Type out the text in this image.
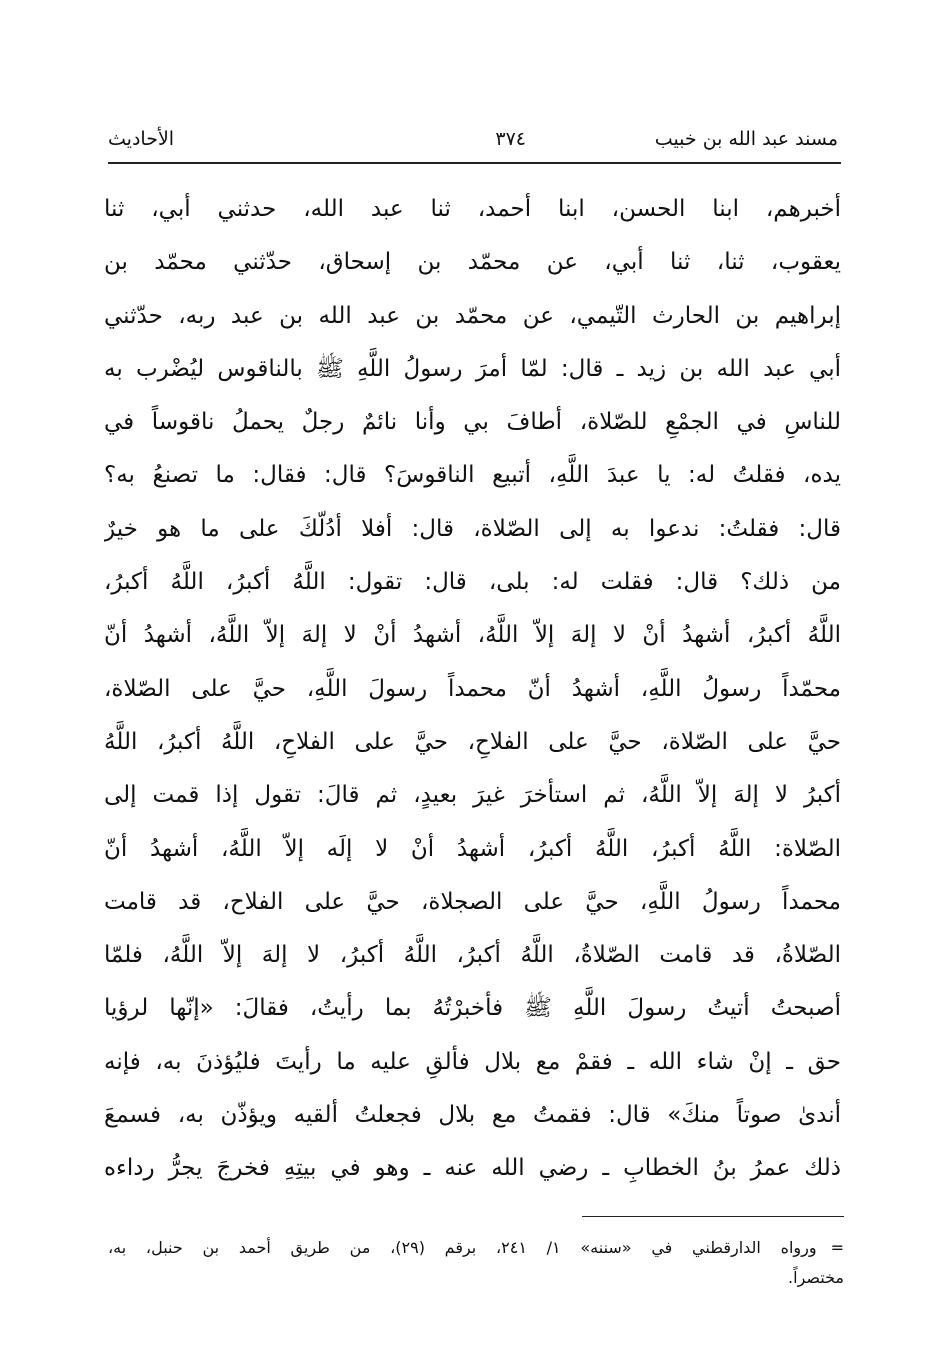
مسند عبد الله بن خبيب
٣٧٤
الأحاديث
أخبرهم، ابنا الحسن، ابنا أحمد، ثنا عبد الله، حدثني أبي، ثنا
يعقوب، ثنا، ثنا أبي، عن محمّد بن إسحاق، حدّثني محمّد بن
إبراهيم بن الحارث التّيمي، عن محمّد بن عبد الله بن عبد ربه، حدّثني
أبي عبد الله بن زيد ـ قال: لمّا أمرَ رسولُ اللَّهِ ﷺ بالناقوس ليُضْرب به
للناسِ في الجمْعِ للصّلاة، أطافَ بي وأنا نائمٌ رجلٌ يحملُ ناقوساً في
يده، فقلتُ له: يا عبدَ اللَّهِ، أتبيع الناقوسَ؟ قال: فقال: ما تصنعُ به؟
قال: فقلتُ: ندعوا به إلى الصّلاة، قال: أفلا أدُلّكَ على ما هو خيرٌ
من ذلك؟ قال: فقلت له: بلى، قال: تقول: اللَّهُ أكبرُ، اللَّهُ أكبرُ،
اللَّهُ أكبرُ، أشهدُ أنْ لا إلهَ إلاّ اللَّهُ، أشهدُ أنْ لا إلهَ إلاّ اللَّهُ، أشهدُ أنّ
محمّداً رسولُ اللَّهِ، أشهدُ أنّ محمداً رسولَ اللَّهِ، حيَّ على الصّلاة،
حيَّ على الصّلاة، حيَّ على الفلاحِ، حيَّ على الفلاحِ، اللَّهُ أكبرُ، اللَّهُ
أكبرُ لا إلهَ إلاّ اللَّهُ، ثم استأخرَ غيرَ بعيدٍ، ثم قالَ: تقول إذا قمت إلى
الصّلاة: اللَّهُ أكبرُ، اللَّهُ أكبرُ، أشهدُ أنْ لا إلَه إلاّ اللَّهُ، أشهدُ أنّ
محمداً رسولُ اللَّهِ، حيَّ على الصجلاة، حيَّ على الفلاح، قد قامت
الصّلاةُ، قد قامت الصّلاةُ، اللَّهُ أكبرُ، اللَّهُ أكبرُ، لا إلهَ إلاّ اللَّهُ، فلمّا
أصبحتُ أتيتُ رسولَ اللَّهِ ﷺ فأخبرْتُهُ بما رأيتُ، فقالَ: «إنّها لرؤيا
حق ـ إنْ شاء الله ـ فقمْ مع بلال فألقِ عليه ما رأيتَ فليُؤذنَ به، فإنه
أندىٰ صوتاً منكَ» قال: فقمتُ مع بلال فجعلتُ ألقيه ويؤذّن به، فسمعَ
ذلك عمرُ بنُ الخطابِ ـ رضي الله عنه ـ وهو في بيتِهِ فخرجَ يجرُّ رداءه
=ورواه الدارقطني في «سننه» ١/ ٢٤١، برقم (٢٩)، من طريق أحمد بن حنبل، به،
مختصراً.
